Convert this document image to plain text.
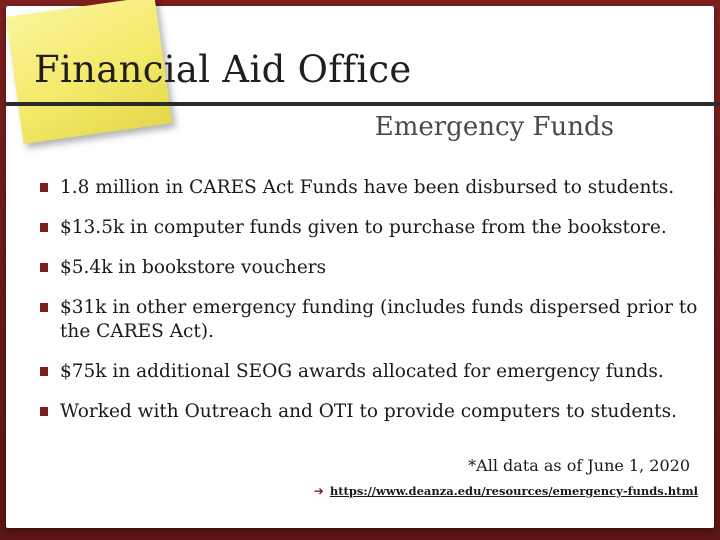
Financial Aid Office
Emergency Funds
1.8 million in CARES Act Funds have been disbursed to students.
$13.5k in computer funds given to purchase from the bookstore.
$5.4k in bookstore vouchers
$31k in other emergency funding (includes funds dispersed prior to the CARES Act).
$75k in additional SEOG awards allocated for emergency funds.
Worked with Outreach and OTI to provide computers to students.
*All data as of June 1, 2020
➔ https://www.deanza.edu/resources/emergency-funds.html
